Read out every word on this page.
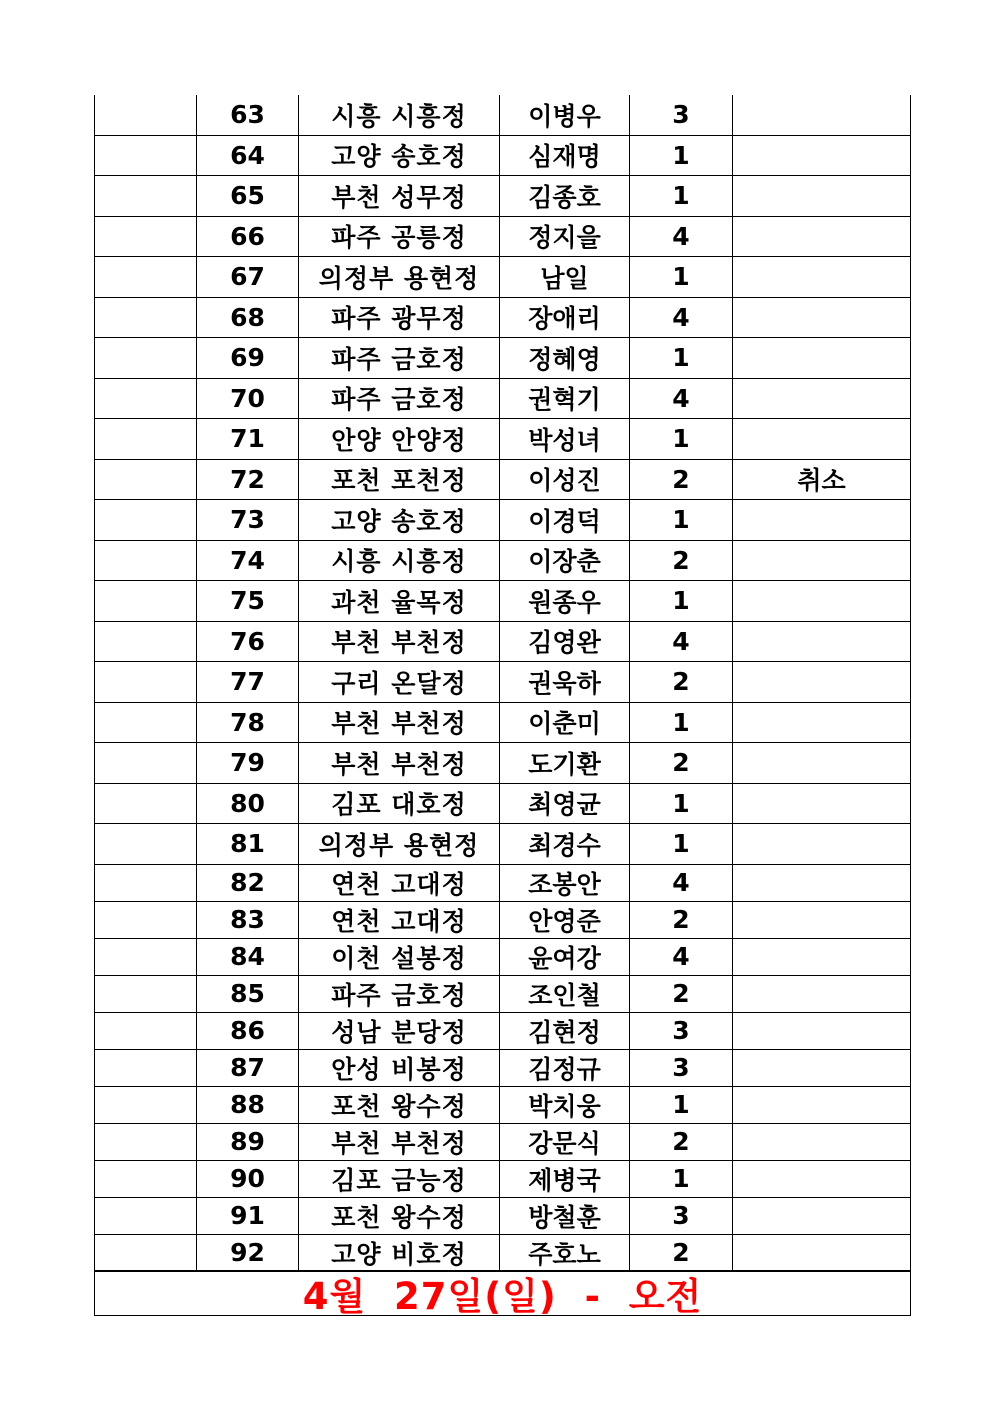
	63	시흥 시흥정	이병우	3	
	64	고양 송호정	심재명	1	
	65	부천 성무정	김종호	1	
	66	파주 공릉정	정지을	4	
	67	의정부 용현정	남일	1	
	68	파주 광무정	장애리	4	
	69	파주 금호정	정혜영	1	
	70	파주 금호정	권혁기	4	
	71	안양 안양정	박성녀	1	
	72	포천 포천정	이성진	2	취소
	73	고양 송호정	이경덕	1	
	74	시흥 시흥정	이장춘	2	
	75	과천 율목정	원종우	1	
	76	부천 부천정	김영완	4	
	77	구리 온달정	권욱하	2	
	78	부천 부천정	이춘미	1	
	79	부천 부천정	도기환	2	
	80	김포 대호정	최영균	1	
	81	의정부 용현정	최경수	1	
	82	연천 고대정	조봉안	4	
	83	연천 고대정	안영준	2	
	84	이천 설봉정	윤여강	4	
	85	파주 금호정	조인철	2	
	86	성남 분당정	김현정	3	
	87	안성 비봉정	김정규	3	
	88	포천 왕수정	박치웅	1	
	89	부천 부천정	강문식	2	
	90	김포 금능정	제병국	1	
	91	포천 왕수정	방철훈	3	
	92	고양 비호정	주호노	2	
4월  27일(일)  -  오전
